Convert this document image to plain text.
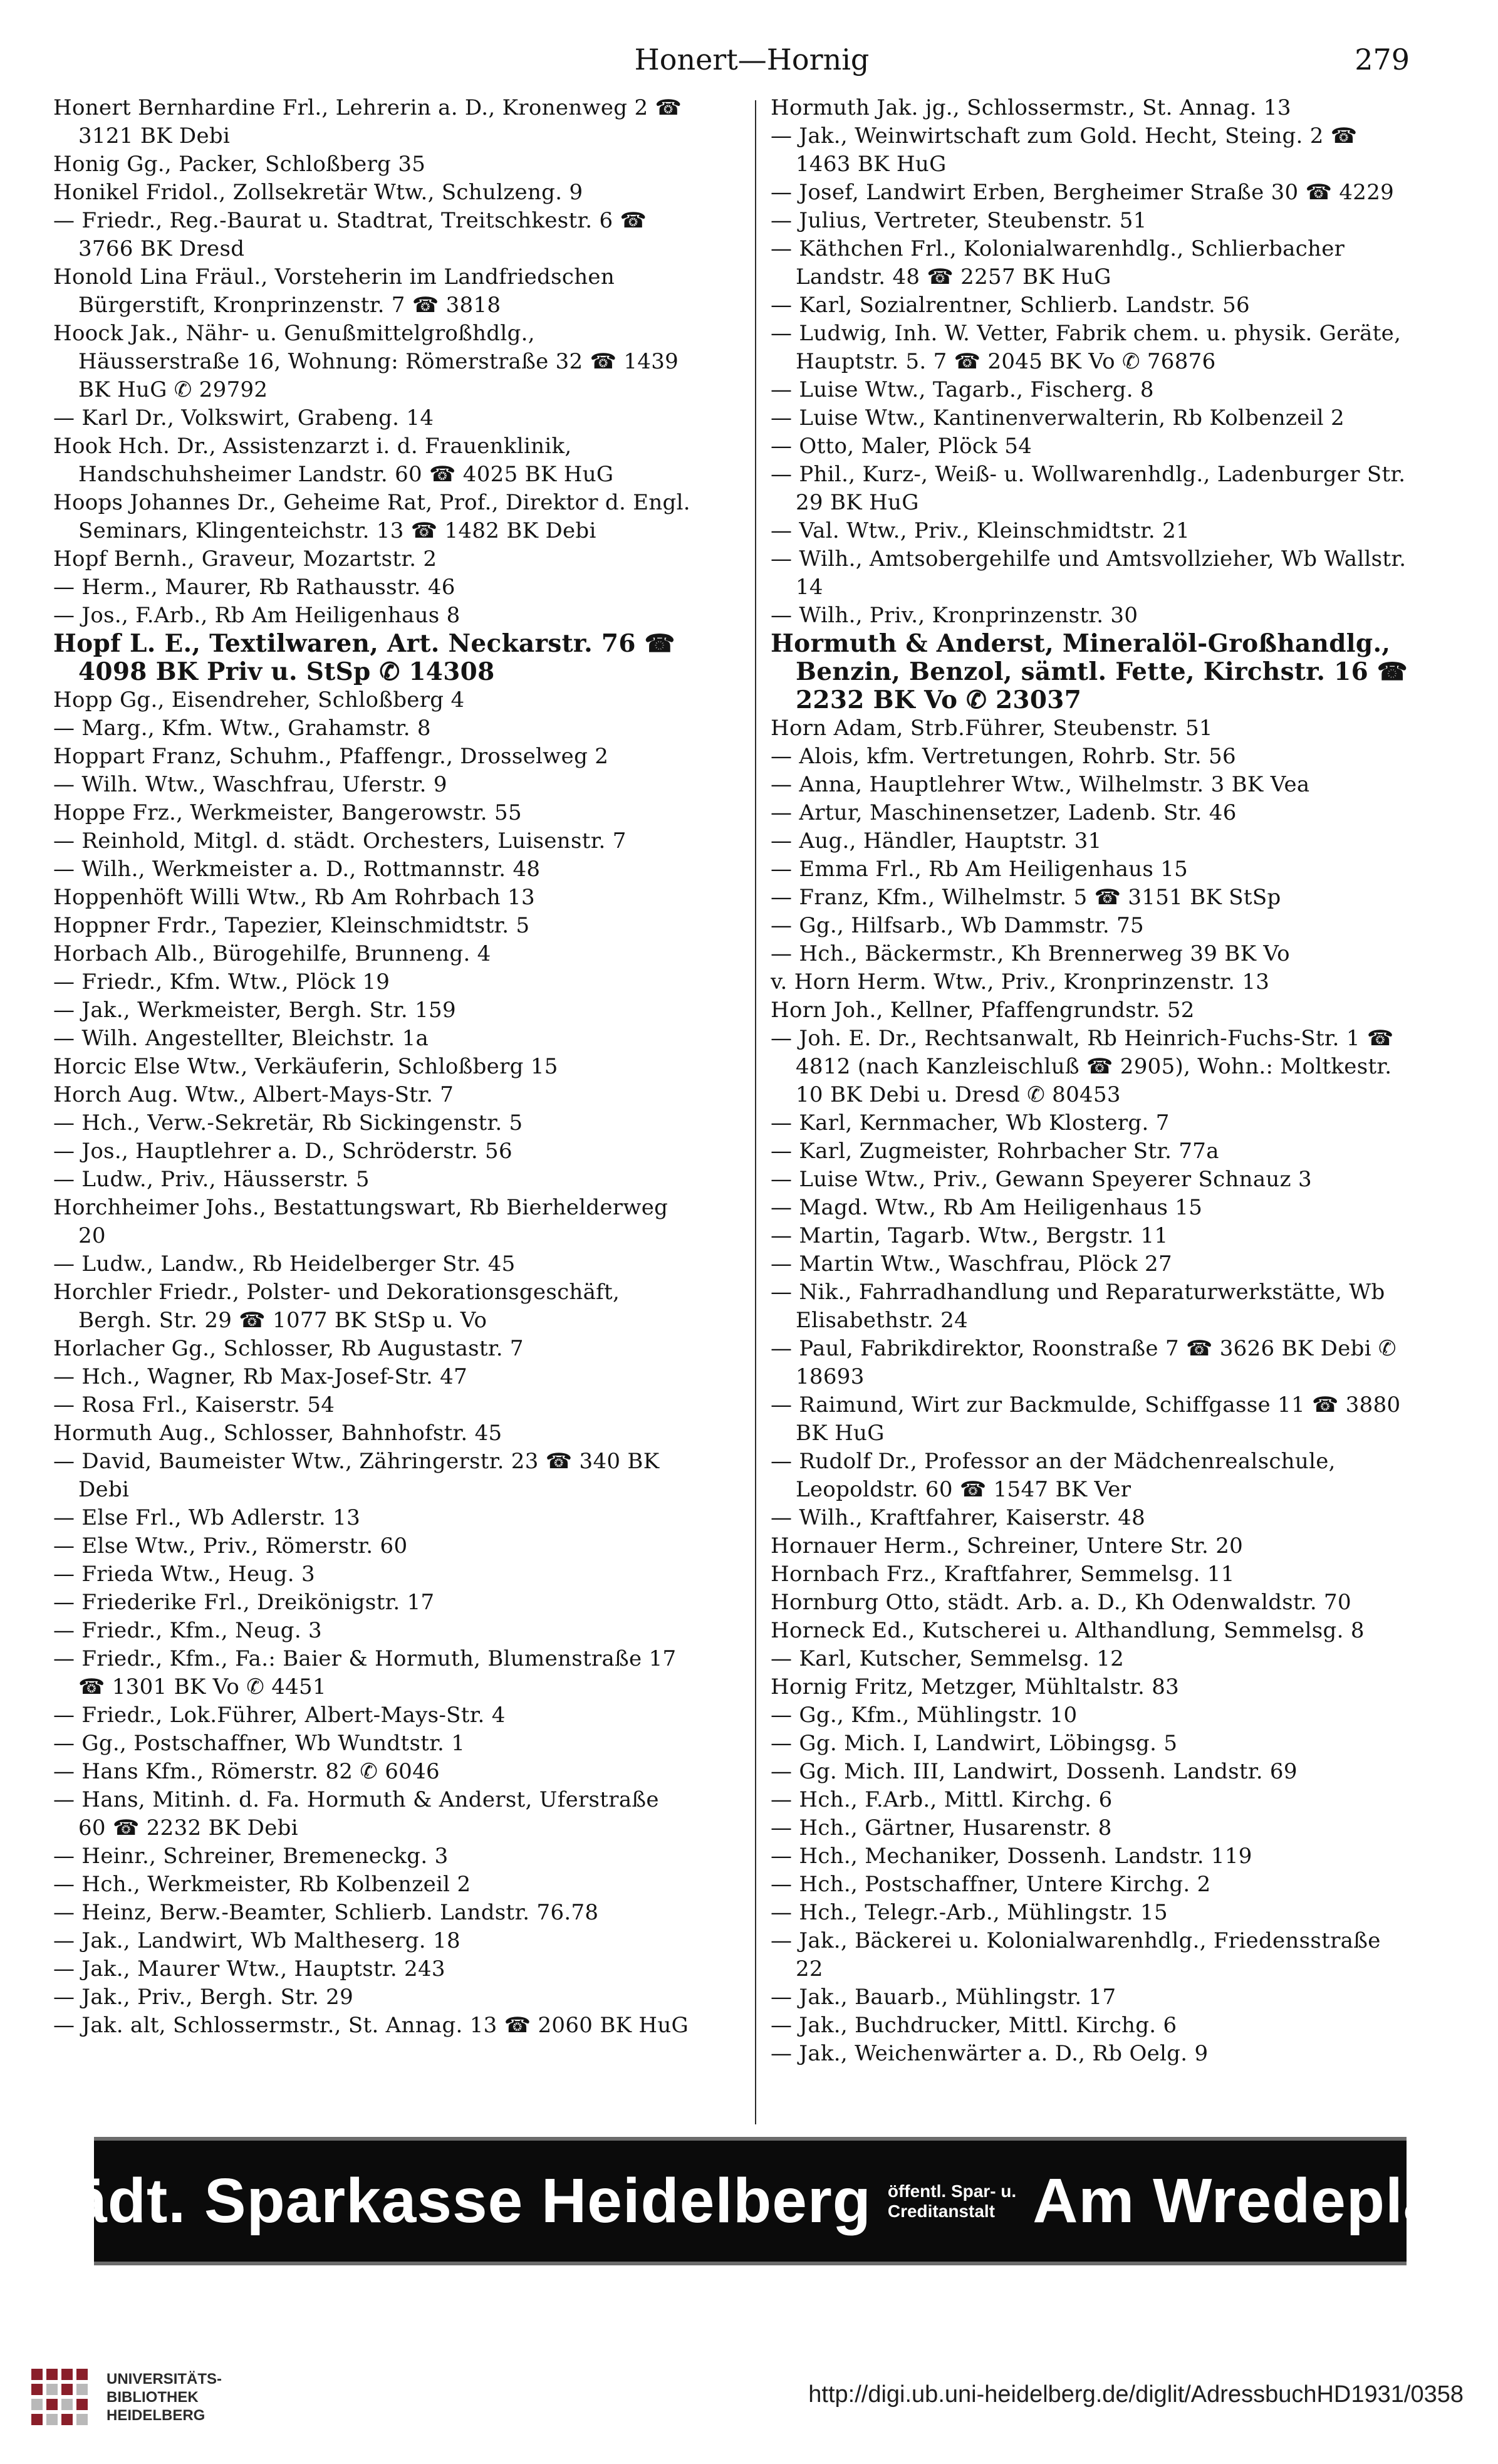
Honert—Hornig	279

Honert Bernhardine Frl., Lehrerin a. D., Kronenweg 2 ☎ 3121 BK Debi

Honig Gg., Packer, Schloßberg 35

Honikel Fridol., Zollsekretär Wtw., Schulzeng. 9

— Friedr., Reg.-Baurat u. Stadtrat, Treitschkestr. 6 ☎ 3766 BK Dresd

Honold Lina Fräul., Vorsteherin im Landfriedschen Bürgerstift, Kronprinzenstr. 7 ☎ 3818

Hoock Jak., Nähr- u. Genußmittelgroßhdlg., Häusserstraße 16, Wohnung: Römerstraße 32 ☎ 1439 BK HuG ✆ 29792

— Karl Dr., Volkswirt, Grabeng. 14

Hook Hch. Dr., Assistenzarzt i. d. Frauenklinik, Handschuhsheimer Landstr. 60 ☎ 4025 BK HuG

Hoops Johannes Dr., Geheime Rat, Prof., Direktor d. Engl. Seminars, Klingenteichstr. 13 ☎ 1482 BK Debi

Hopf Bernh., Graveur, Mozartstr. 2

— Herm., Maurer, Rb Rathausstr. 46

— Jos., F.Arb., Rb Am Heiligenhaus 8

Hopf L. E., Textilwaren, Art. Neckarstr. 76 ☎ 4098 BK Priv u. StSp ✆ 14308

Hopp Gg., Eisendreher, Schloßberg 4

— Marg., Kfm. Wtw., Grahamstr. 8

Hoppart Franz, Schuhm., Pfaffengr., Drosselweg 2

— Wilh. Wtw., Waschfrau, Uferstr. 9

Hoppe Frz., Werkmeister, Bangerowstr. 55

— Reinhold, Mitgl. d. städt. Orchesters, Luisenstr. 7

— Wilh., Werkmeister a. D., Rottmannstr. 48

Hoppenhöft Willi Wtw., Rb Am Rohrbach 13

Hoppner Frdr., Tapezier, Kleinschmidtstr. 5

Horbach Alb., Bürogehilfe, Brunneng. 4

— Friedr., Kfm. Wtw., Plöck 19

— Jak., Werkmeister, Bergh. Str. 159

— Wilh. Angestellter, Bleichstr. 1a

Horcic Else Wtw., Verkäuferin, Schloßberg 15

Horch Aug. Wtw., Albert-Mays-Str. 7

— Hch., Verw.-Sekretär, Rb Sickingenstr. 5

— Jos., Hauptlehrer a. D., Schröderstr. 56

— Ludw., Priv., Häusserstr. 5

Horchheimer Johs., Bestattungswart, Rb Bierhelderweg 20

— Ludw., Landw., Rb Heidelberger Str. 45

Horchler Friedr., Polster- und Dekorationsgeschäft, Bergh. Str. 29 ☎ 1077 BK StSp u. Vo

Horlacher Gg., Schlosser, Rb Augustastr. 7

— Hch., Wagner, Rb Max-Josef-Str. 47

— Rosa Frl., Kaiserstr. 54

Hormuth Aug., Schlosser, Bahnhofstr. 45

— David, Baumeister Wtw., Zähringerstr. 23 ☎ 340 BK Debi

— Else Frl., Wb Adlerstr. 13

— Else Wtw., Priv., Römerstr. 60

— Frieda Wtw., Heug. 3

— Friederike Frl., Dreikönigstr. 17

— Friedr., Kfm., Neug. 3

— Friedr., Kfm., Fa.: Baier & Hormuth, Blumenstraße 17 ☎ 1301 BK Vo ✆ 4451

— Friedr., Lok.Führer, Albert-Mays-Str. 4

— Gg., Postschaffner, Wb Wundtstr. 1

— Hans Kfm., Römerstr. 82 ✆ 6046

— Hans, Mitinh. d. Fa. Hormuth & Anderst, Uferstraße 60 ☎ 2232 BK Debi

— Heinr., Schreiner, Bremeneckg. 3

— Hch., Werkmeister, Rb Kolbenzeil 2

— Heinz, Berw.-Beamter, Schlierb. Landstr. 76.78

— Jak., Landwirt, Wb Maltheserg. 18

— Jak., Maurer Wtw., Hauptstr. 243

— Jak., Priv., Bergh. Str. 29

— Jak. alt, Schlossermstr., St. Annag. 13 ☎ 2060 BK HuG

Hormuth Jak. jg., Schlossermstr., St. Annag. 13

— Jak., Weinwirtschaft zum Gold. Hecht, Steing. 2 ☎ 1463 BK HuG

— Josef, Landwirt Erben, Bergheimer Straße 30 ☎ 4229

— Julius, Vertreter, Steubenstr. 51

— Käthchen Frl., Kolonialwarenhdlg., Schlierbacher Landstr. 48 ☎ 2257 BK HuG

— Karl, Sozialrentner, Schlierb. Landstr. 56

— Ludwig, Inh. W. Vetter, Fabrik chem. u. physik. Geräte, Hauptstr. 5. 7 ☎ 2045 BK Vo ✆ 76876

— Luise Wtw., Tagarb., Fischerg. 8

— Luise Wtw., Kantinenverwalterin, Rb Kolbenzeil 2

— Otto, Maler, Plöck 54

— Phil., Kurz-, Weiß- u. Wollwarenhdlg., Ladenburger Str. 29 BK HuG

— Val. Wtw., Priv., Kleinschmidtstr. 21

— Wilh., Amtsobergehilfe und Amtsvollzieher, Wb Wallstr. 14

— Wilh., Priv., Kronprinzenstr. 30

Hormuth & Anderst, Mineralöl-Großhandlg., Benzin, Benzol, sämtl. Fette, Kirchstr. 16 ☎ 2232 BK Vo ✆ 23037

Horn Adam, Strb.Führer, Steubenstr. 51

— Alois, kfm. Vertretungen, Rohrb. Str. 56

— Anna, Hauptlehrer Wtw., Wilhelmstr. 3 BK Vea

— Artur, Maschinensetzer, Ladenb. Str. 46

— Aug., Händler, Hauptstr. 31

— Emma Frl., Rb Am Heiligenhaus 15

— Franz, Kfm., Wilhelmstr. 5 ☎ 3151 BK StSp

— Gg., Hilfsarb., Wb Dammstr. 75

— Hch., Bäckermstr., Kh Brennerweg 39 BK Vo

v. Horn Herm. Wtw., Priv., Kronprinzenstr. 13

Horn Joh., Kellner, Pfaffengrundstr. 52

— Joh. E. Dr., Rechtsanwalt, Rb Heinrich-Fuchs-Str. 1 ☎ 4812 (nach Kanzleischluß ☎ 2905), Wohn.: Moltkestr. 10 BK Debi u. Dresd ✆ 80453

— Karl, Kernmacher, Wb Klosterg. 7

— Karl, Zugmeister, Rohrbacher Str. 77a

— Luise Wtw., Priv., Gewann Speyerer Schnauz 3

— Magd. Wtw., Rb Am Heiligenhaus 15

— Martin, Tagarb. Wtw., Bergstr. 11

— Martin Wtw., Waschfrau, Plöck 27

— Nik., Fahrradhandlung und Reparaturwerkstätte, Wb Elisabethstr. 24

— Paul, Fabrikdirektor, Roonstraße 7 ☎ 3626 BK Debi ✆ 18693

— Raimund, Wirt zur Backmulde, Schiffgasse 11 ☎ 3880 BK HuG

— Rudolf Dr., Professor an der Mädchenrealschule, Leopoldstr. 60 ☎ 1547 BK Ver

— Wilh., Kraftfahrer, Kaiserstr. 48

Hornauer Herm., Schreiner, Untere Str. 20

Hornbach Frz., Kraftfahrer, Semmelsg. 11

Hornburg Otto, städt. Arb. a. D., Kh Odenwaldstr. 70

Horneck Ed., Kutscherei u. Althandlung, Semmelsg. 8

— Karl, Kutscher, Semmelsg. 12

Hornig Fritz, Metzger, Mühltalstr. 83

— Gg., Kfm., Mühlingstr. 10

— Gg. Mich. I, Landwirt, Löbingsg. 5

— Gg. Mich. III, Landwirt, Dossenh. Landstr. 69

— Hch., F.Arb., Mittl. Kirchg. 6

— Hch., Gärtner, Husarenstr. 8

— Hch., Mechaniker, Dossenh. Landstr. 119

— Hch., Postschaffner, Untere Kirchg. 2

— Hch., Telegr.-Arb., Mühlingstr. 15

— Jak., Bäckerei u. Kolonialwarenhdlg., Friedensstraße 22

— Jak., Bauarb., Mühlingstr. 17

— Jak., Buchdrucker, Mittl. Kirchg. 6

— Jak., Weichenwärter a. D., Rb Oelg. 9

Städt. Sparkasse Heidelberg öffentl. Spar- u.
Creditanstalt Am Wredeplatz
UNIVERSITÄTS-
BIBLIOTHEK
HEIDELBERG
http://digi.ub.uni-heidelberg.de/diglit/AdressbuchHD1931/0358
